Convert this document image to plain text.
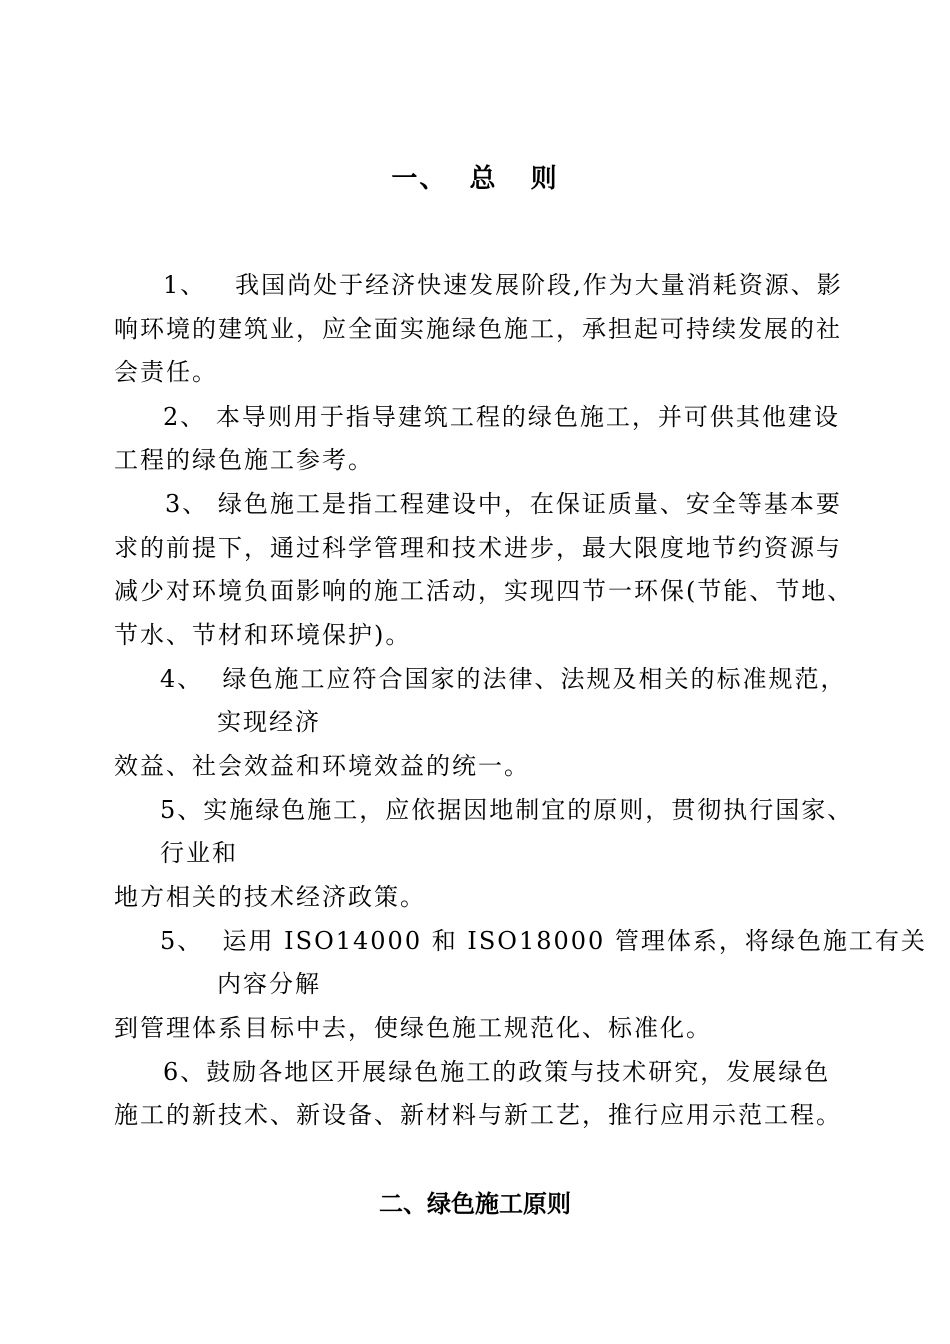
一、  总   则
1、   我国尚处于经济快速发展阶段,作为大量消耗资源、影
响环境的建筑业，应全面实施绿色施工，承担起可持续发展的社
会责任。
2、 本导则用于指导建筑工程的绿色施工，并可供其他建设
工程的绿色施工参考。
3、 绿色施工是指工程建设中，在保证质量、安全等基本要
求的前提下，通过科学管理和技术进步，最大限度地节约资源与
减少对环境负面影响的施工活动，实现四节一环保(节能、节地、
节水、节材和环境保护)。
4、  绿色施工应符合国家的法律、法规及相关的标准规范，
实现经济
效益、社会效益和环境效益的统一。
5、实施绿色施工，应依据因地制宜的原则，贯彻执行国家、
行业和
地方相关的技术经济政策。
5、  运用 ISO14000 和 ISO18000 管理体系，将绿色施工有关
内容分解
到管理体系目标中去，使绿色施工规范化、标准化。
6、鼓励各地区开展绿色施工的政策与技术研究，发展绿色
施工的新技术、新设备、新材料与新工艺，推行应用示范工程。
二、绿色施工原则
